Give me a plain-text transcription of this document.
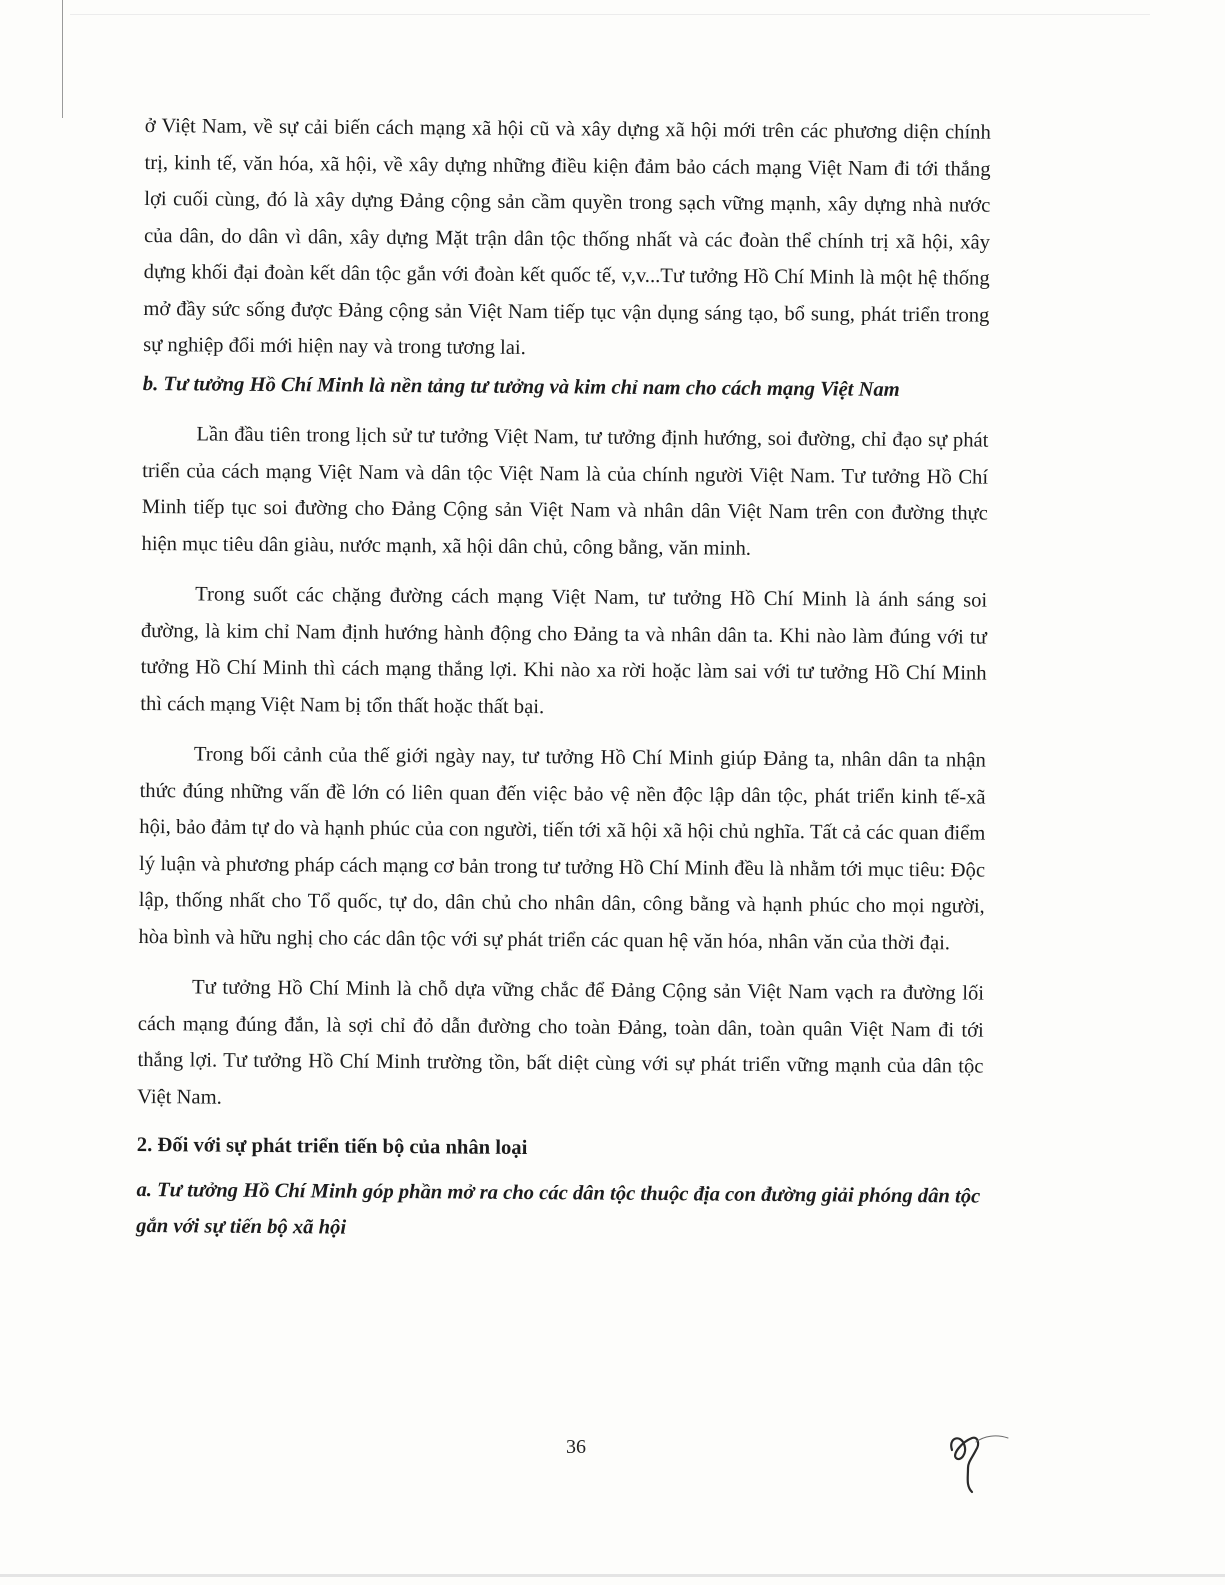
ở Việt Nam, về sự cải biến cách mạng xã hội cũ và xây dựng xã hội mới trên các phương diện chính trị, kinh tế, văn hóa, xã hội, về xây dựng những điều kiện đảm bảo cách mạng Việt Nam đi tới thắng lợi cuối cùng, đó là xây dựng Đảng cộng sản cầm quyền trong sạch vững mạnh, xây dựng nhà nước của dân, do dân vì dân, xây dựng Mặt trận dân tộc thống nhất và các đoàn thể chính trị xã hội, xây dựng khối đại đoàn kết dân tộc gắn với đoàn kết quốc tế, v,v...Tư tưởng Hồ Chí Minh là một hệ thống mở đầy sức sống được Đảng cộng sản Việt Nam tiếp tục vận dụng sáng tạo, bổ sung, phát triển trong sự nghiệp đổi mới hiện nay và trong tương lai.

b. Tư tưởng Hồ Chí Minh là nền tảng tư tưởng và kim chỉ nam cho cách mạng Việt Nam

Lần đầu tiên trong lịch sử tư tưởng Việt Nam, tư tưởng định hướng, soi đường, chỉ đạo sự phát triển của cách mạng Việt Nam và dân tộc Việt Nam là của chính người Việt Nam. Tư tưởng Hồ Chí Minh tiếp tục soi đường cho Đảng Cộng sản Việt Nam và nhân dân Việt Nam trên con đường thực hiện mục tiêu dân giàu, nước mạnh, xã hội dân chủ, công bằng, văn minh.

Trong suốt các chặng đường cách mạng Việt Nam, tư tưởng Hồ Chí Minh là ánh sáng soi đường, là kim chỉ Nam định hướng hành động cho Đảng ta và nhân dân ta. Khi nào làm đúng với tư tưởng Hồ Chí Minh thì cách mạng thắng lợi. Khi nào xa rời hoặc làm sai với tư tưởng Hồ Chí Minh thì cách mạng Việt Nam bị tổn thất hoặc thất bại.

Trong bối cảnh của thế giới ngày nay, tư tưởng Hồ Chí Minh giúp Đảng ta, nhân dân ta nhận thức đúng những vấn đề lớn có liên quan đến việc bảo vệ nền độc lập dân tộc, phát triển kinh tế-xã hội, bảo đảm tự do và hạnh phúc của con người, tiến tới xã hội xã hội chủ nghĩa. Tất cả các quan điểm lý luận và phương pháp cách mạng cơ bản trong tư tưởng Hồ Chí Minh đều là nhằm tới mục tiêu: Độc lập, thống nhất cho Tổ quốc, tự do, dân chủ cho nhân dân, công bằng và hạnh phúc cho mọi người, hòa bình và hữu nghị cho các dân tộc với sự phát triển các quan hệ văn hóa, nhân văn của thời đại.

Tư tưởng Hồ Chí Minh là chỗ dựa vững chắc để Đảng Cộng sản Việt Nam vạch ra đường lối cách mạng đúng đắn, là sợi chỉ đỏ dẫn đường cho toàn Đảng, toàn dân, toàn quân Việt Nam đi tới thắng lợi. Tư tưởng Hồ Chí Minh trường tồn, bất diệt cùng với sự phát triển vững mạnh của dân tộc Việt Nam.

2. Đối với sự phát triển tiến bộ của nhân loại

a. Tư tưởng Hồ Chí Minh góp phần mở ra cho các dân tộc thuộc địa con đường giải phóng dân tộc gắn với sự tiến bộ xã hội

36
